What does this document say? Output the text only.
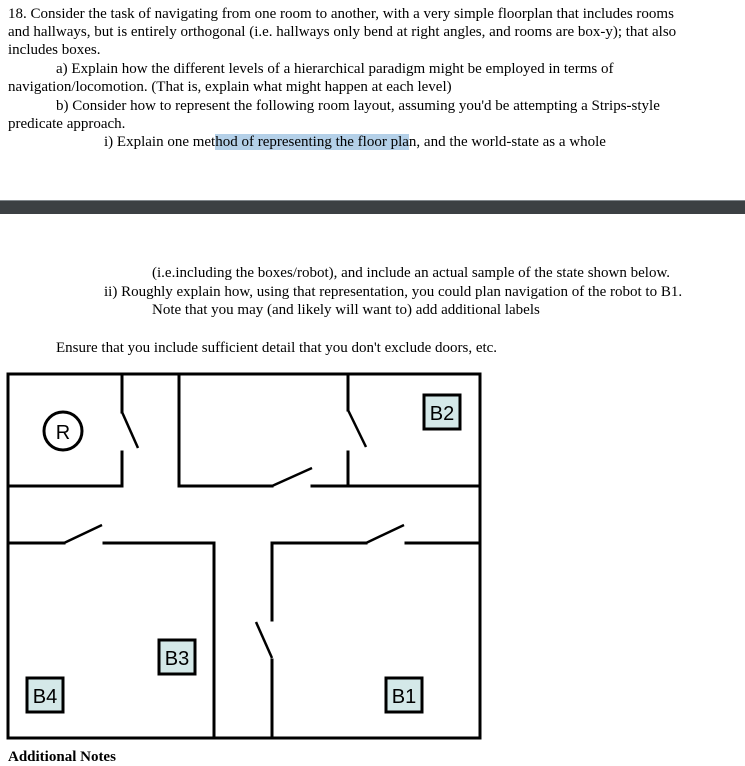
18. Consider the task of navigating from one room to another, with a very simple floorplan that includes rooms
and hallways, but is entirely orthogonal (i.e. hallways only bend at right angles, and rooms are box-y); that also
includes boxes.
a) Explain how the different levels of a hierarchical paradigm might be employed in terms of
navigation/locomotion. (That is, explain what might happen at each level)
b) Consider how to represent the following room layout, assuming you'd be attempting a Strips-style
predicate approach.
i) Explain one method of representing the floor plan, and the world-state as a whole
(i.e.including the boxes/robot), and include an actual sample of the state shown below.
ii) Roughly explain how, using that representation, you could plan navigation of the robot to B1.
Note that you may (and likely will want to) add additional labels
Ensure that you include sufficient detail that you don't exclude doors, etc.
R
B2
B3
B4	B1
Additional Notes
